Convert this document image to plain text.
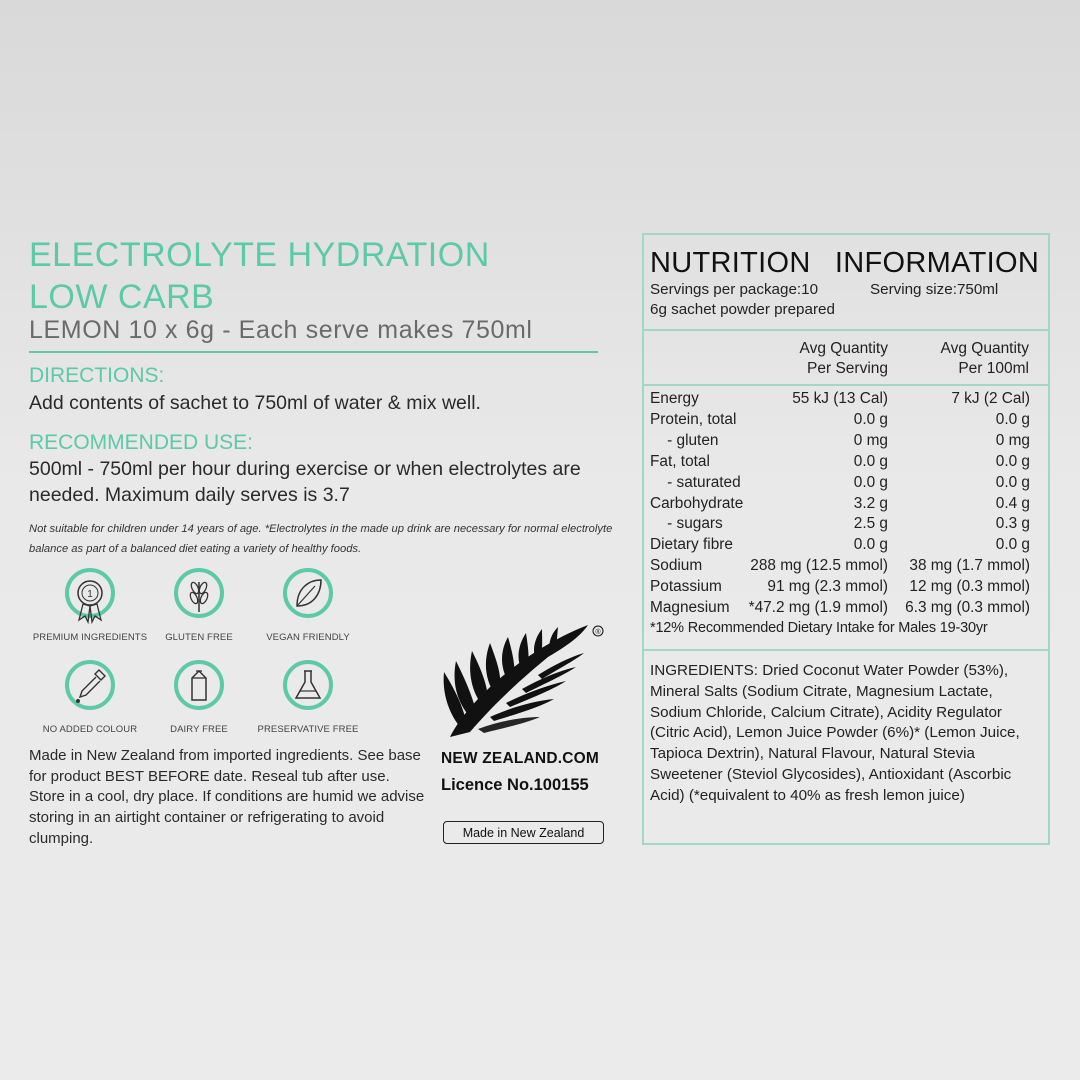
ELECTROLYTE HYDRATION
LOW CARB
LEMON 10 x 6g - Each serve makes 750ml
DIRECTIONS:
Add contents of sachet to 750ml of water & mix well.
RECOMMENDED USE:
500ml - 750ml per hour during exercise or when electrolytes are needed. Maximum daily serves is 3.7
Not suitable for children under 14 years of age. *Electrolytes in the made up drink are necessary for normal electrolyte balance as part of a balanced diet eating a variety of healthy foods.
1
PREMIUM INGREDIENTS	GLUTEN FREE	VEGAN FRIENDLY
NO ADDED COLOUR	DAIRY FREE	PRESERVATIVE FREE
Made in New Zealand from imported ingredients. See base for product BEST BEFORE date. Reseal tub after use. Store in a cool, dry place. If conditions are humid we advise storing in an airtight container or refrigerating to avoid clumping.
®
NEW ZEALAND.COM
Licence No.100155
Made in New Zealand
NUTRITION INFORMATION
Servings per package:10	Serving size:750ml
6g sachet powder prepared
Avg Quantity
Per Serving
Avg Quantity
Per 100ml
Energy	55 kJ (13 Cal)	7 kJ (2 Cal)
Protein, total	0.0 g	0.0 g
- gluten	0 mg	0 mg
Fat, total	0.0 g	0.0 g
- saturated	0.0 g	0.0 g
Carbohydrate	3.2 g	0.4 g
- sugars	2.5 g	0.3 g
Dietary fibre	0.0 g	0.0 g
Sodium	288 mg (12.5 mmol) 38 mg (1.7 mmol)
Potassium	91 mg (2.3 mmol) 12 mg (0.3 mmol)
Magnesium *47.2 mg (1.9 mmol) 6.3 mg (0.3 mmol)
*12% Recommended Dietary Intake for Males 19-30yr
INGREDIENTS: Dried Coconut Water Powder (53%), Mineral Salts (Sodium Citrate, Magnesium Lactate, Sodium Chloride, Calcium Citrate), Acidity Regulator (Citric Acid), Lemon Juice Powder (6%)* (Lemon Juice, Tapioca Dextrin), Natural Flavour, Natural Stevia Sweetener (Steviol Glycosides), Antioxidant (Ascorbic Acid) (*equivalent to 40% as fresh lemon juice)
